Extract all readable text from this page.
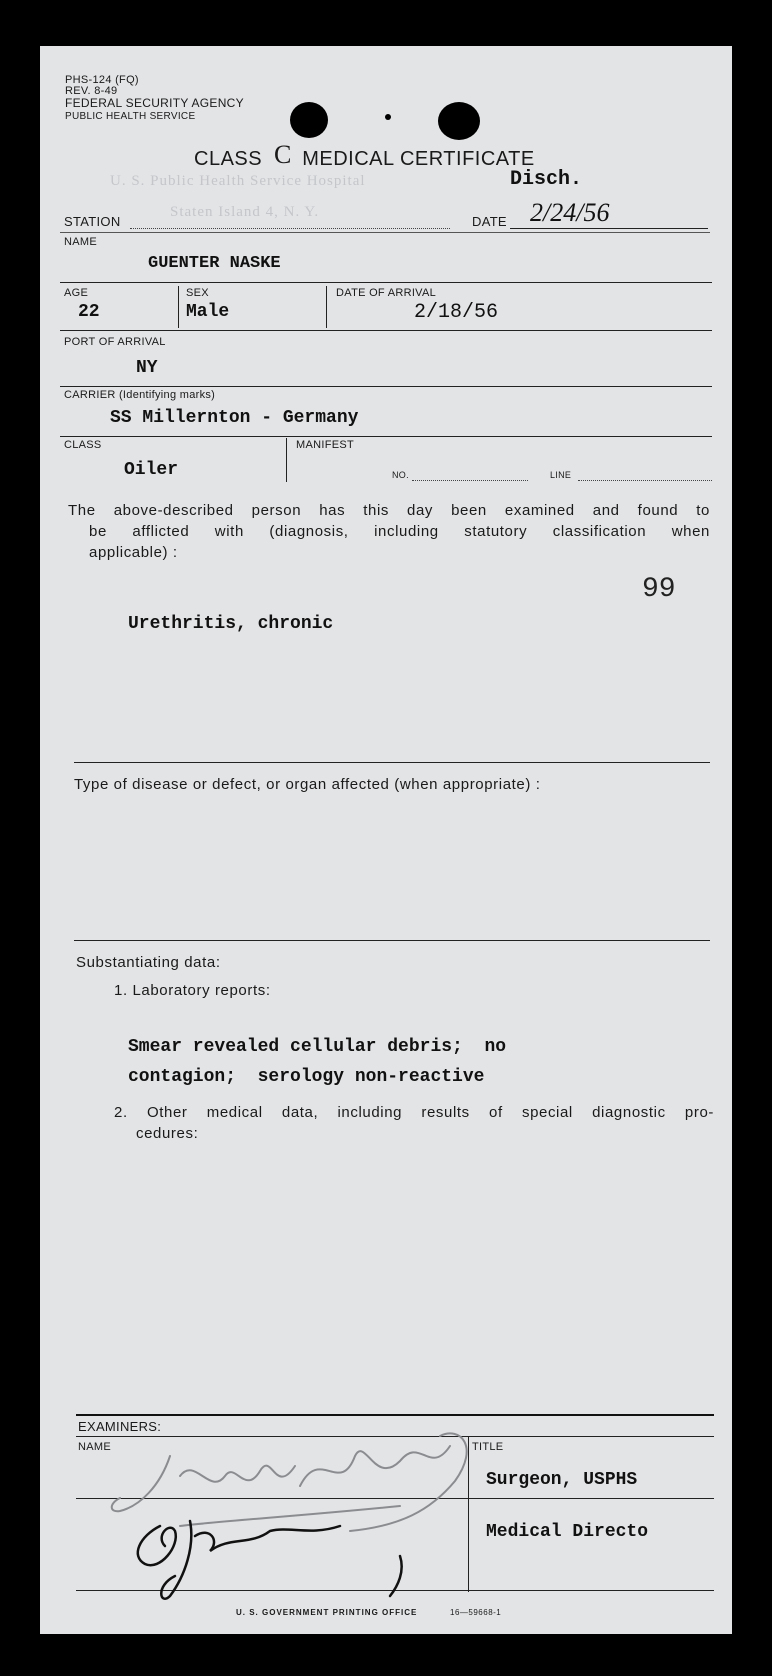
PHS-124 (FQ)
REV. 8-49
FEDERAL SECURITY AGENCY
PUBLIC HEALTH SERVICE
CLASS C MEDICAL CERTIFICATE
Disch.
U. S. Public Health Service Hospital
Staten Island 4, N. Y.
STATION	DATE 2/24/56
NAME
GUENTER NASKE
AGE
22
SEX
Male
DATE OF ARRIVAL
2/18/56
PORT OF ARRIVAL
NY
CARRIER (Identifying marks)
SS Millernton - Germany
CLASS
Oiler
MANIFEST
NO.	LINE
The above-described person has this day been examined and found to
be afflicted with (diagnosis, including statutory classification when
applicable) :
99
Urethritis, chronic
Type of disease or defect, or organ affected (when appropriate) :
Substantiating data:
1. Laboratory reports:
Smear revealed cellular debris;  no
contagion;  serology non-reactive
2. Other medical data, including results of special diagnostic pro-
cedures:
EXAMINERS:
NAME	TITLE
Surgeon, USPHS
Medical Directo
U. S. GOVERNMENT PRINTING OFFICE	16—59668-1
